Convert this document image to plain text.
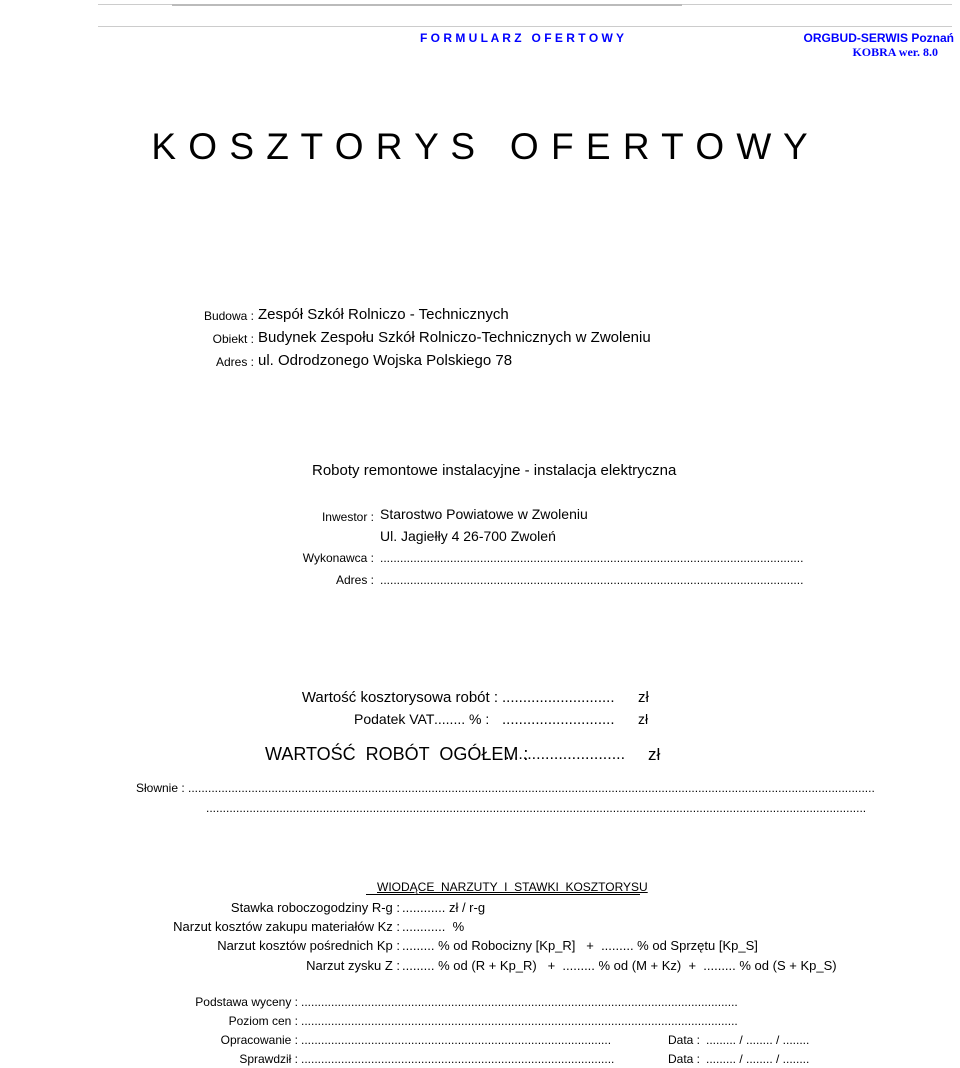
F O R M U L A R Z   O F E R T O W Y	ORGBUD-SERWIS Poznań
KOBRA wer. 8.0
K O S Z T O R Y S   O F E R T O W Y
Budowa : Zespół Szkół Rolniczo - Technicznych
Obiekt : Budynek Zespołu Szkół Rolniczo-Technicznych w Zwoleniu
Adres : ul. Odrodzonego Wojska Polskiego 78
Roboty remontowe instalacyjne - instalacja elektryczna
Inwestor : Starostwo Powiatowe w Zwoleniu
Ul. Jagiełły 4 26-700 Zwoleń
Wykonawca : ...............................................................................................................................
Adres : ...............................................................................................................................
Wartość kosztorysowa robót : ...........................	zł
Podatek VAT ........ % : ...........................	zł
WARTOŚĆ  ROBÓT  OGÓŁEM :
...........................	zł
Słownie : ..............................................................................................................................................................................................................
......................................................................................................................................................................................................
WIODĄCE  NARZUTY  I  STAWKI  KOSZTORYSU
Stawka roboczogodziny R-g : ............ zł / r-g
Narzut kosztów zakupu materiałów Kz : ............  %
Narzut kosztów pośrednich Kp : ......... % od Robocizny [Kp_R]   +  ......... % od Sprzętu [Kp_S]
Narzut zysku Z : ......... % od (R + Kp_R)   +  ......... % od (M + Kz)  +  ......... % od (S + Kp_S)
Podstawa wyceny : ...................................................................................................................................
Poziom cen : ...................................................................................................................................
Opracowanie : .............................................................................................	Data : ......... / ........ / ........
Sprawdził : ..............................................................................................	Data : ......... / ........ / ........
